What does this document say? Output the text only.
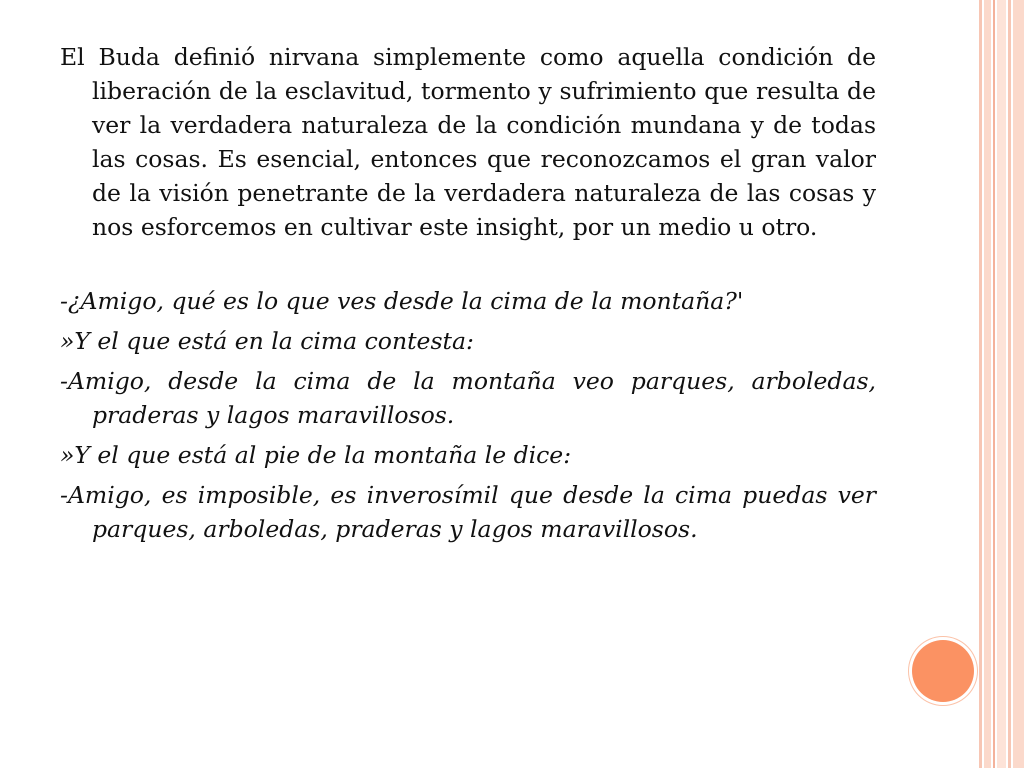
El Buda definió nirvana simplemente como aquella condición de liberación de la esclavitud, tormento y sufrimiento que resulta de ver la verdadera naturaleza de la condición mundana y de todas las cosas. Es esencial, entonces que reconozcamos el gran valor de la visión penetrante de la verdadera naturaleza de las cosas y nos esforcemos en cultivar este insight, por un medio u otro.

-¿Amigo, qué es lo que ves desde la cima de la montaña?'

»Y el que está en la cima contesta:

-Amigo, desde la cima de la montaña veo parques, arboledas, praderas y lagos maravillosos.

»Y el que está al pie de la montaña le dice:

-Amigo, es imposible, es inverosímil que desde la cima puedas ver parques, arboledas, praderas y lagos maravillosos.
